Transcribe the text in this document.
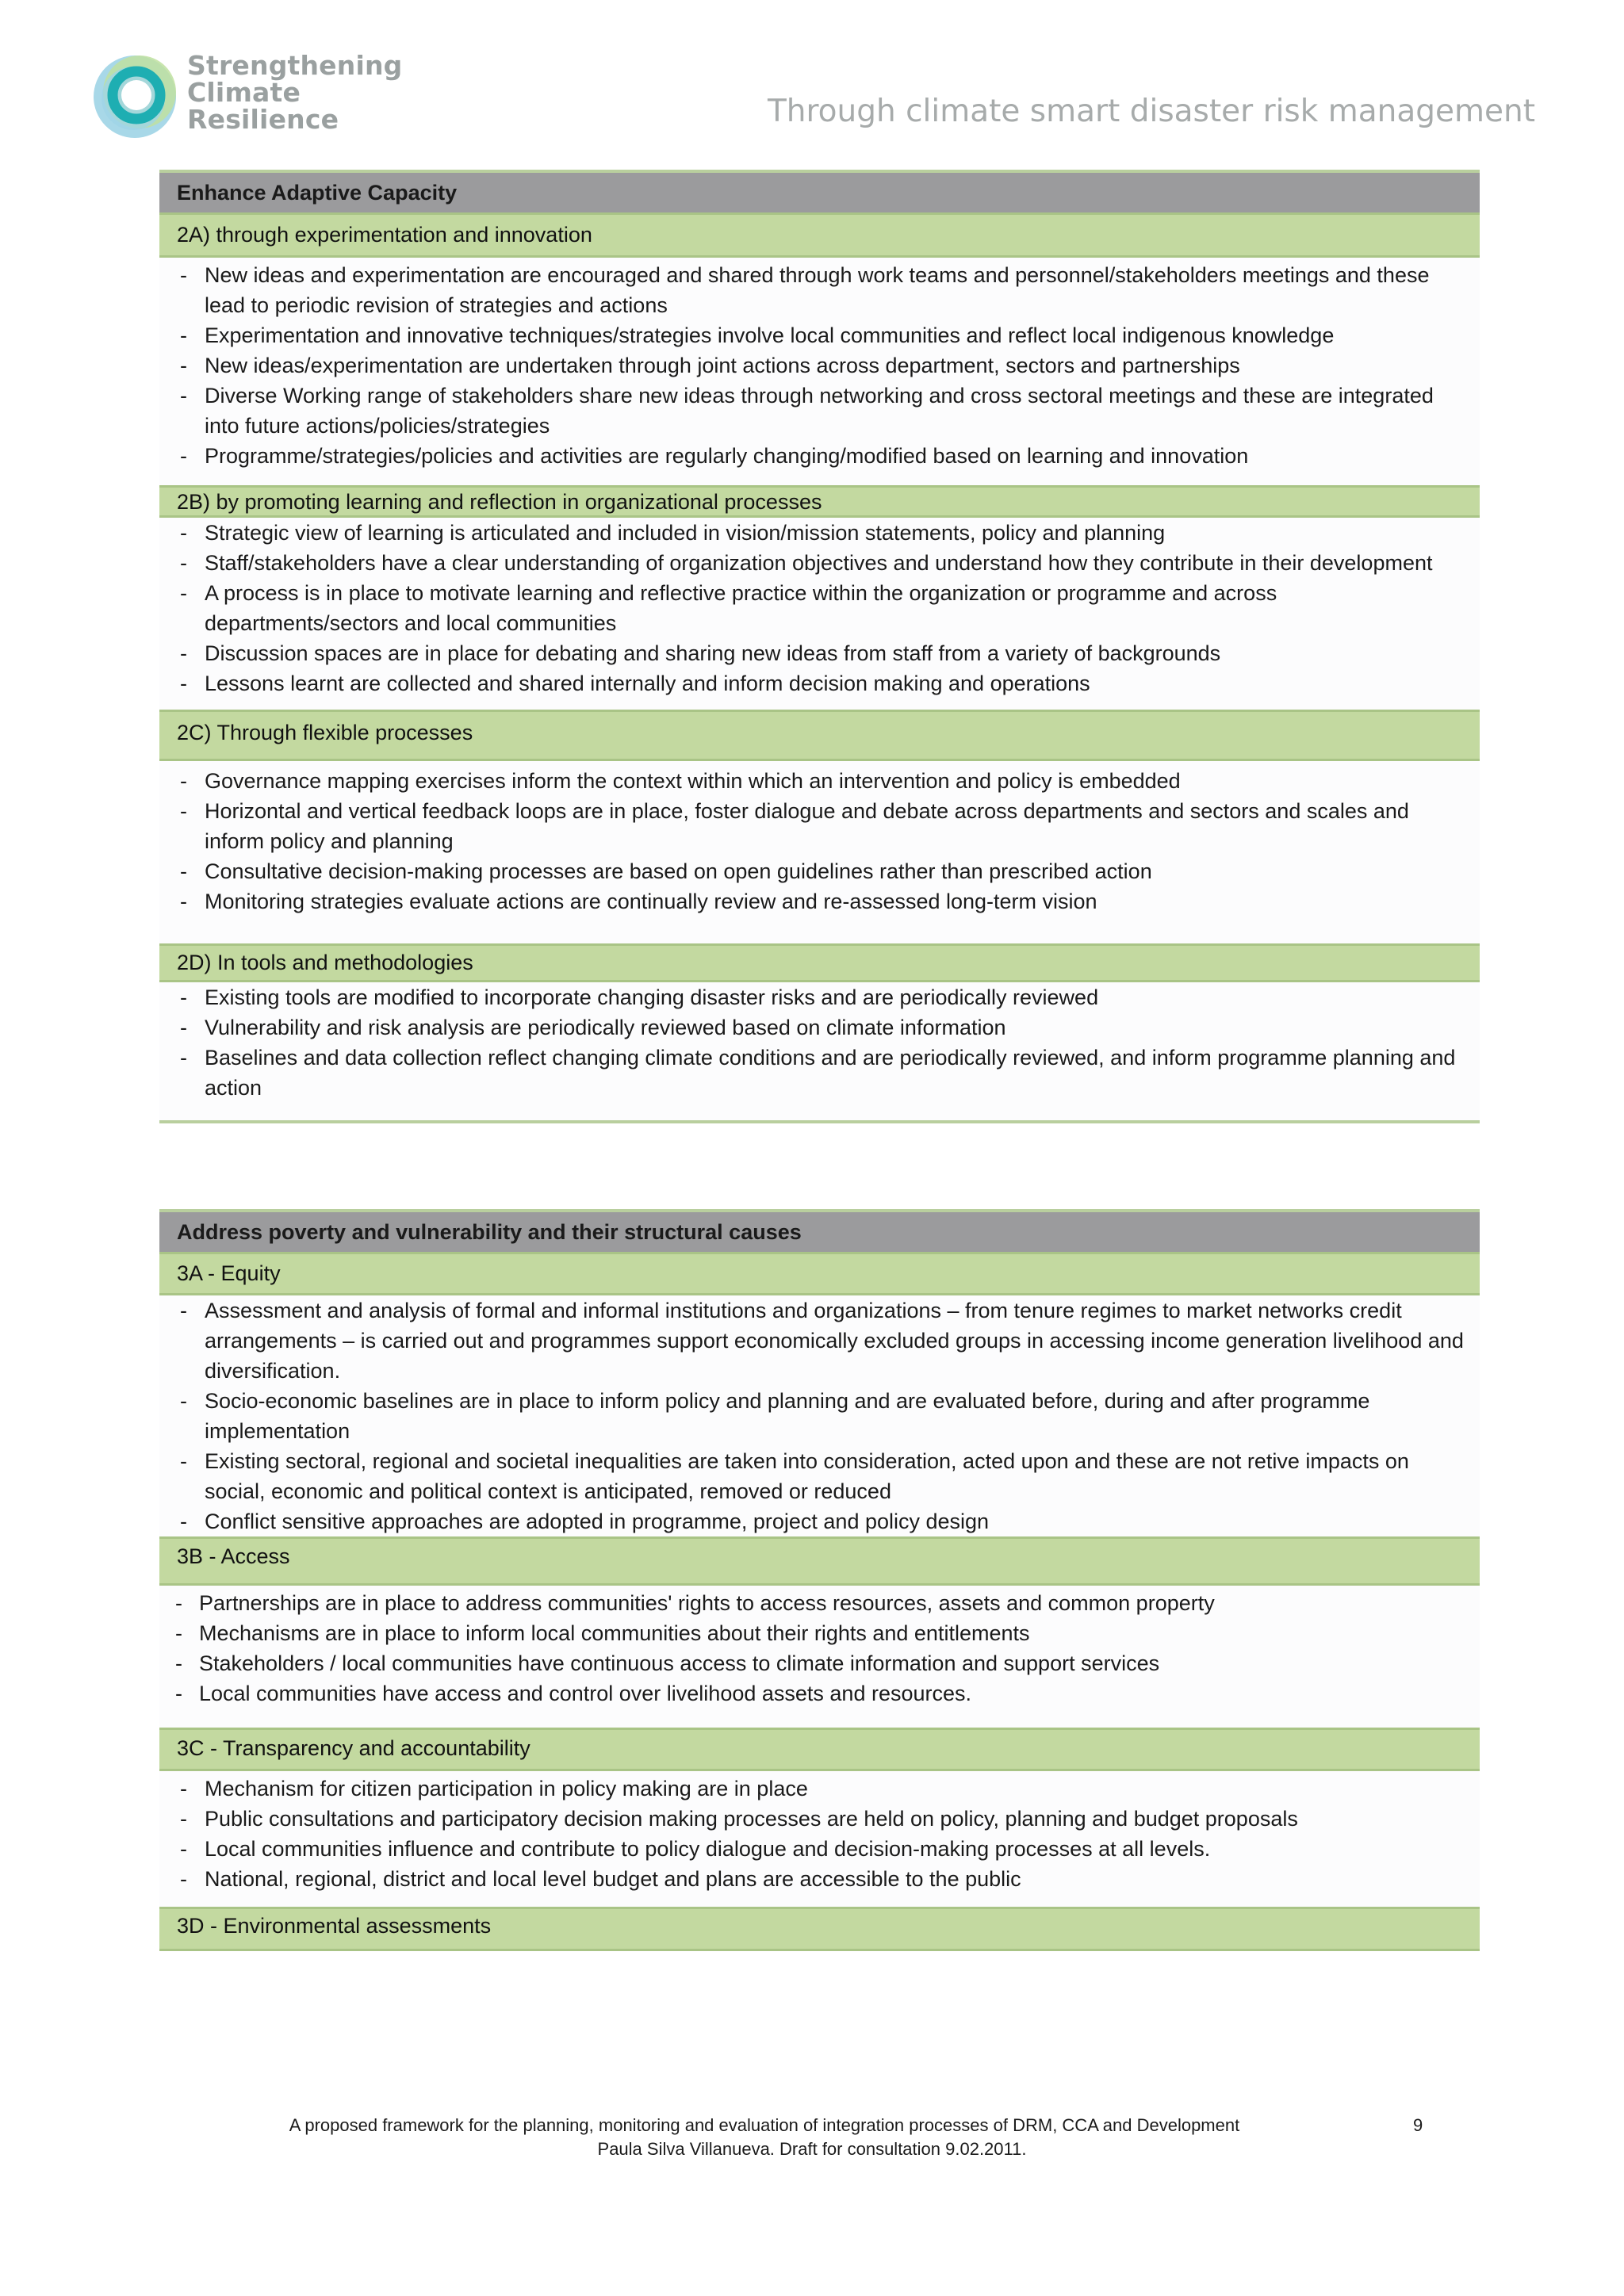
Strengthening
Climate
Resilience	Through climate smart disaster risk management
Enhance Adaptive Capacity
2A) through experimentation and innovation
- New ideas and experimentation are encouraged and shared through work teams and personnel/stakeholders meetings and these lead to periodic revision of strategies and actions
- Experimentation and innovative techniques/strategies involve local communities and reflect local indigenous knowledge
- New ideas/experimentation are undertaken through joint actions across department, sectors and partnerships
- Diverse Working range of stakeholders share new ideas through networking and cross sectoral meetings and these are integrated into future actions/policies/strategies
- Programme/strategies/policies and activities are regularly changing/modified based on learning and innovation
2B) by promoting learning and reflection in organizational processes
- Strategic view of learning is articulated and included in vision/mission statements, policy and planning
- Staff/stakeholders have a clear understanding of organization objectives and understand how they contribute in their development
- A process is in place to motivate learning and reflective practice within the organization or programme and across departments/sectors and local communities
- Discussion spaces are in place for debating and sharing new ideas from staff from a variety of backgrounds
- Lessons learnt are collected and shared internally and inform decision making and operations
2C) Through flexible processes
- Governance mapping exercises inform the context within which an intervention and policy is embedded
- Horizontal and vertical feedback loops are in place, foster dialogue and debate across departments and sectors and scales and inform policy and planning
- Consultative decision-making processes are based on open guidelines rather than prescribed action
- Monitoring strategies evaluate actions are continually review and re-assessed long-term vision
2D) In tools and methodologies
- Existing tools are modified to incorporate changing disaster risks and are periodically reviewed
- Vulnerability and risk analysis are periodically reviewed based on climate information
- Baselines and data collection reflect changing climate conditions and are periodically reviewed, and inform programme planning and action
Address poverty and vulnerability and their structural causes
3A - Equity
- Assessment and analysis of formal and informal institutions and organizations – from tenure regimes to market networks credit arrangements – is carried out and programmes support economically excluded groups in accessing income generation livelihood and diversification.
- Socio-economic baselines are in place to inform policy and planning and are evaluated before, during and after programme implementation
- Existing sectoral, regional and societal inequalities are taken into consideration, acted upon and these are not retive impacts on social, economic and political context is anticipated, removed or reduced
- Conflict sensitive approaches are adopted in programme, project and policy design
3B - Access
- Partnerships are in place to address communities' rights to access resources, assets and common property
- Mechanisms are in place to inform local communities about their rights and entitlements
- Stakeholders / local communities have continuous access to climate information and support services
- Local communities have access and control over livelihood assets and resources.
3C - Transparency and accountability
- Mechanism for citizen participation in policy making are in place
- Public consultations and participatory decision making processes are held on policy, planning and budget proposals
- Local communities influence and contribute to policy dialogue and decision-making processes at all levels.
- National, regional, district and local level budget and plans are accessible to the public
3D - Environmental assessments
A proposed framework for the planning, monitoring and evaluation of integration processes of DRM, CCA and Development
Paula Silva Villanueva. Draft for consultation 9.02.2011.
9
